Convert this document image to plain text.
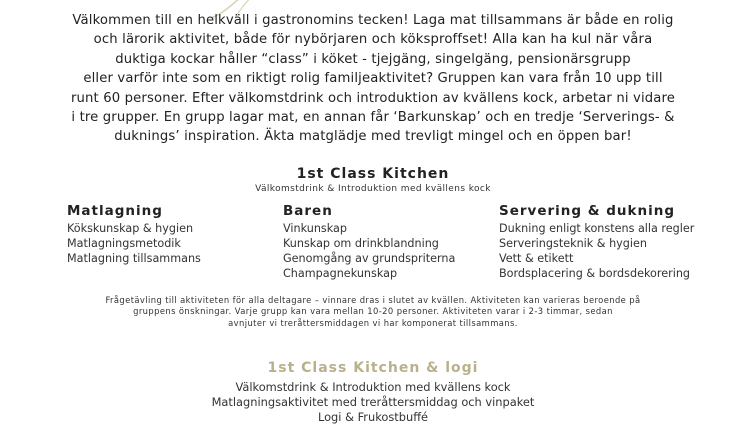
Välkommen till en helkväll i gastronomins tecken! Laga mat tillsammans är både en rolig
och lärorik aktivitet, både för nybörjaren och köksproffset! Alla kan ha kul när våra
duktiga kockar håller “class” i köket - tjejgäng, singelgäng, pensionärsgrupp
eller varför inte som en riktigt rolig familjeaktivitet? Gruppen kan vara från 10 upp till
runt 60 personer. Efter välkomstdrink och introduktion av kvällens kock, arbetar ni vidare
i tre grupper. En grupp lagar mat, en annan får ‘Barkunskap’ och en tredje ‘Serverings- &
duknings’ inspiration. Äkta matglädje med trevligt mingel och en öppen bar!
1st Class Kitchen
Välkomstdrink & Introduktion med kvällens kock
Matlagning
Kökskunskap & hygien
Matlagningsmetodik
Matlagning tillsammans
Baren
Vinkunskap
Kunskap om drinkblandning
Genomgång av grundspriterna
Champagnekunskap
Servering & dukning
Dukning enligt konstens alla regler
Serveringsteknik & hygien
Vett & etikett
Bordsplacering & bordsdekorering
Frågetävling till aktiviteten för alla deltagare – vinnare dras i slutet av kvällen. Aktiviteten kan varieras beroende på
gruppens önskningar. Varje grupp kan vara mellan 10-20 personer. Aktiviteten varar i 2-3 timmar, sedan
avnjuter vi treråttersmiddagen vi har komponerat tillsammans.
1st Class Kitchen & logi
Välkomstdrink & Introduktion med kvällens kock
Matlagningsaktivitet med treråttersmiddag och vinpaket
Logi & Frukostbuffé
